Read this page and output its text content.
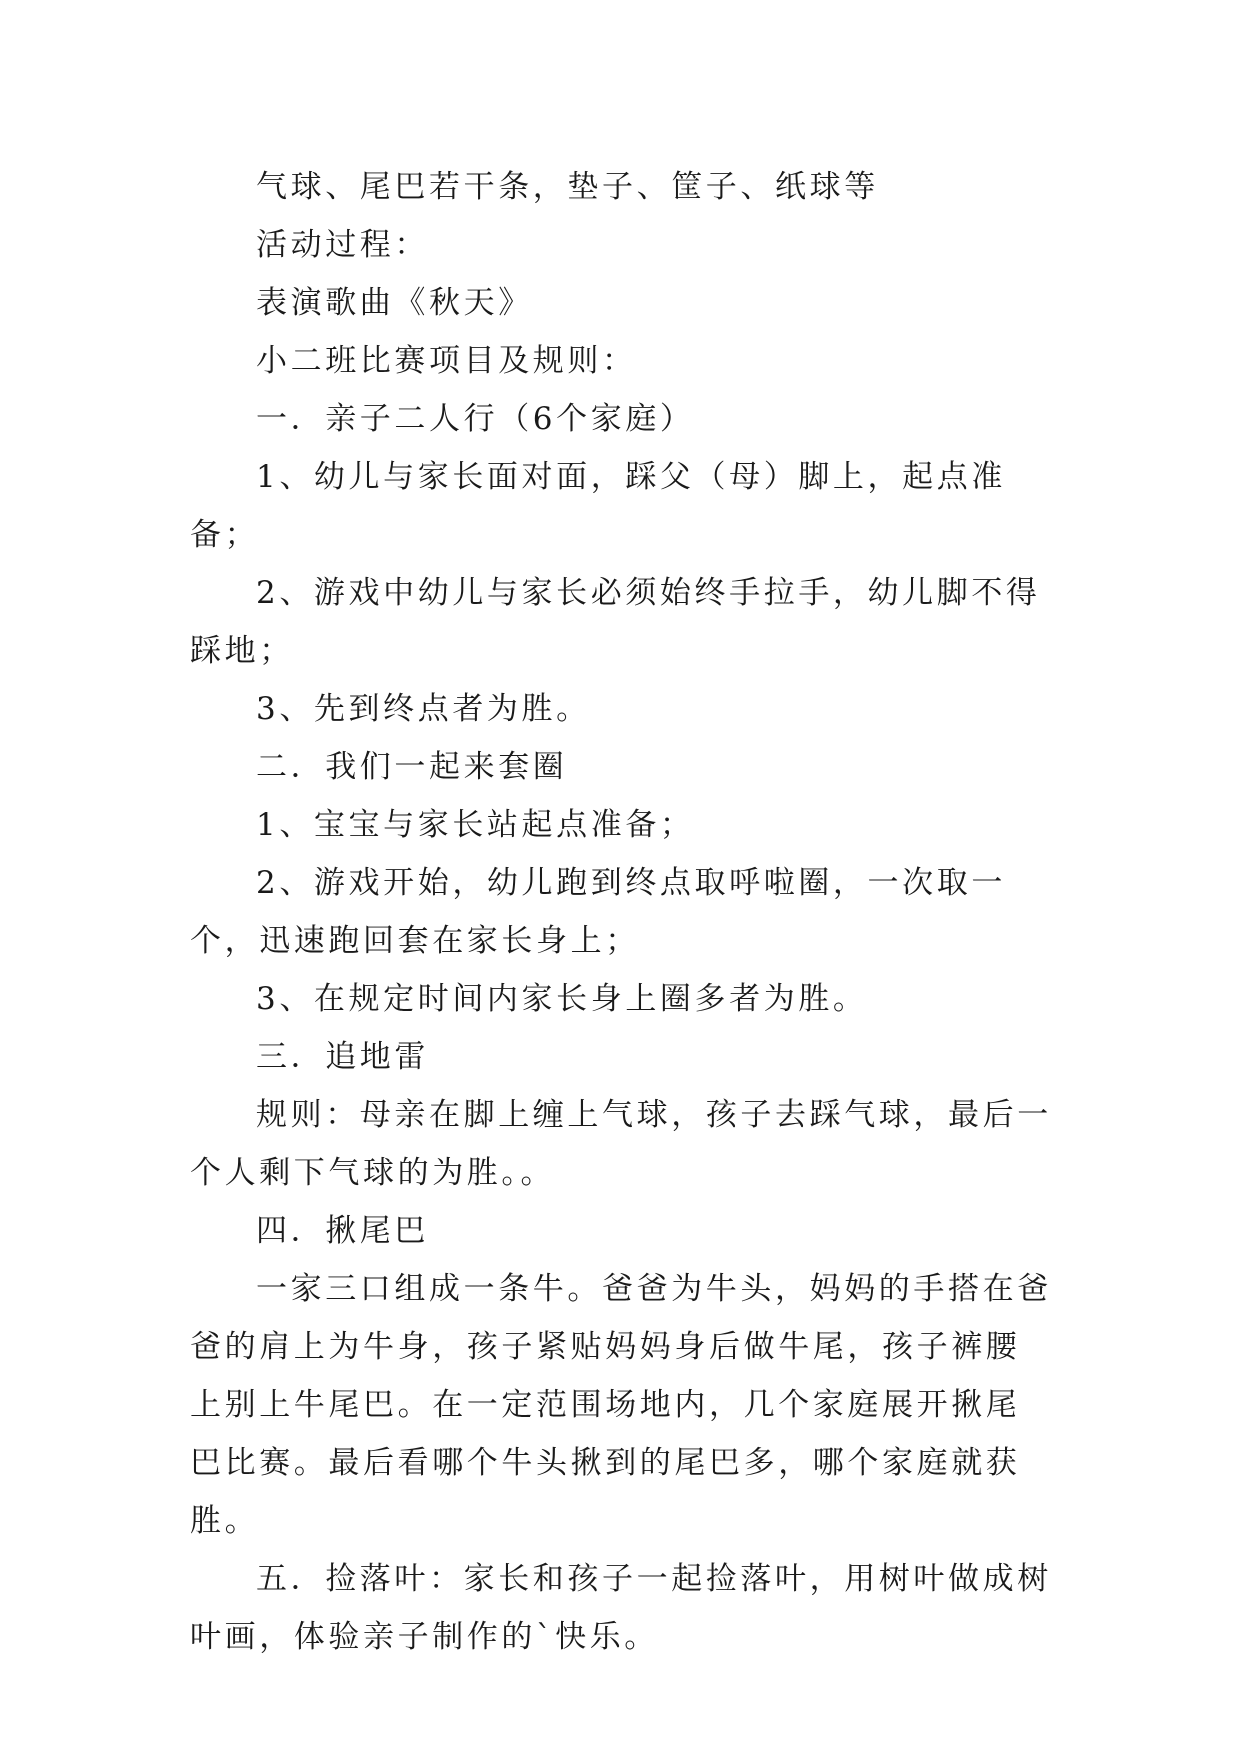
气球、尾巴若干条，垫子、筐子、纸球等

活动过程：

表演歌曲《秋天》

小二班比赛项目及规则：

一．亲子二人行（6个家庭）

1、幼儿与家长面对面，踩父（母）脚上，起点准备；

2、游戏中幼儿与家长必须始终手拉手，幼儿脚不得踩地；

3、先到终点者为胜。

二．我们一起来套圈

1、宝宝与家长站起点准备；

2、游戏开始，幼儿跑到终点取呼啦圈，一次取一个，迅速跑回套在家长身上；

3、在规定时间内家长身上圈多者为胜。

三．追地雷

规则：母亲在脚上缠上气球，孩子去踩气球，最后一个人剩下气球的为胜。。

四．揪尾巴

一家三口组成一条牛。爸爸为牛头，妈妈的手搭在爸爸的肩上为牛身，孩子紧贴妈妈身后做牛尾，孩子裤腰上别上牛尾巴。在一定范围场地内，几个家庭展开揪尾巴比赛。最后看哪个牛头揪到的尾巴多，哪个家庭就获胜。

五．捡落叶：家长和孩子一起捡落叶，用树叶做成树叶画，体验亲子制作的`快乐。
